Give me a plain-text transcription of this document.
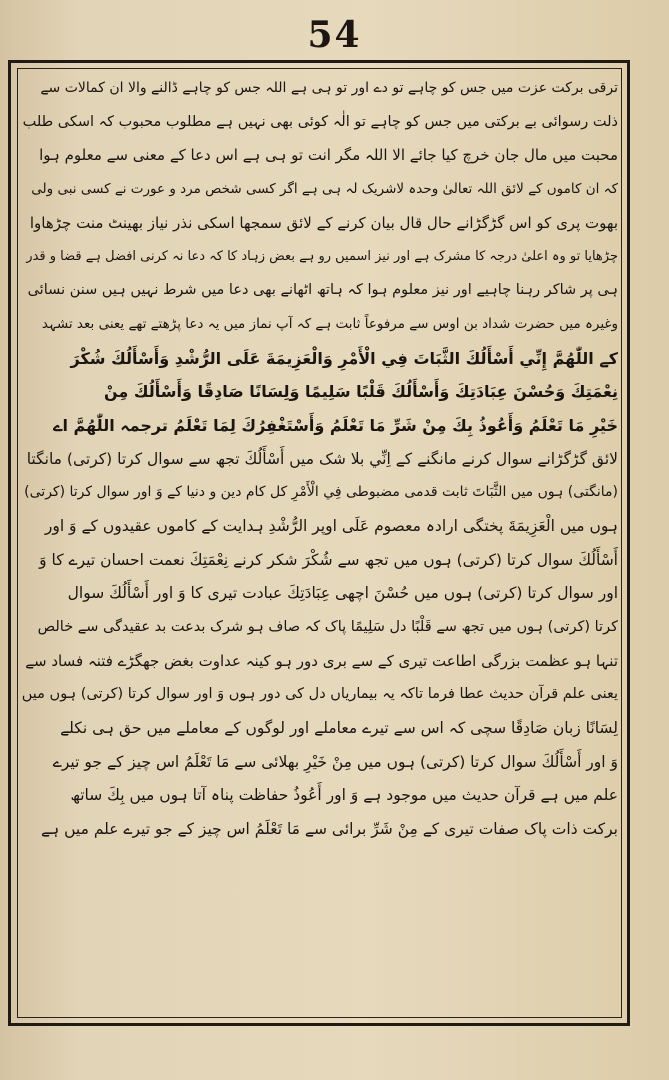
54
ترقی برکت عزت میں جس کو چاہے تو دے اور تو ہی ہے اللہ جس کو چاہے ڈالنے والا ان کمالات سے
ذلت رسوائی بے برکتی میں جس کو چاہے تو الٰہ کوئی بھی نہیں ہے مطلوب محبوب کہ اسکی طلب
محبت میں مال جان خرچ کیا جائے الا اللہ مگر انت تو ہی ہے اس دعا کے معنی سے معلوم ہوا
کہ ان کاموں کے لائق اللہ تعالیٰ وحدہ لاشریک لہ ہی ہے اگر کسی شخص مرد و عورت نے کسی نبی ولی
بھوت پری کو اس گڑگڑانے حال قال بیان کرنے کے لائق سمجھا اسکی نذر نیاز بھینٹ منت چڑھاوا
چڑھایا تو وہ اعلیٰ درجہ کا مشرک ہے اور نیز اسمیں رو ہے بعض زہاد کا کہ دعا نہ کرنی افضل ہے قضا و قدر
ہی پر شاکر رہنا چاہیے اور نیز معلوم ہوا کہ ہاتھ اٹھانے بھی دعا میں شرط نہیں ہیں سنن نسائی
وغیرہ میں حضرت شداد بن اوس سے مرفوعاً ثابت ہے کہ آپ نماز میں یہ دعا پڑھتے تھے یعنی بعد تشہد
کے اللّٰهُمَّ إِنِّي أَسْأَلُكَ الثَّبَاتَ فِي الْأَمْرِ وَالْعَزِيمَةَ عَلَى الرُّشْدِ وَأَسْأَلُكَ شُكْرَ
نِعْمَتِكَ وَحُسْنَ عِبَادَتِكَ وَأَسْأَلُكَ قَلْبًا سَلِيمًا وَلِسَانًا صَادِقًا وَأَسْأَلُكَ مِنْ
خَيْرِ مَا تَعْلَمُ وَأَعُوذُ بِكَ مِنْ شَرِّ مَا تَعْلَمُ وَأَسْتَغْفِرُكَ لِمَا تَعْلَمُ ترجمہ اللّٰهُمَّ اے
لائق گڑگڑانے سوال کرنے مانگنے کے اِنِّي بلا شک میں أَسْأَلُكَ تجھ سے سوال کرتا (کرتی) مانگتا
(مانگتی) ہوں میں الثَّبَاتَ ثابت قدمی مضبوطی فِي الْأَمْرِ کل کام دین و دنیا کے وَ اور سوال کرتا (کرتی)
ہوں میں الْعَزِيمَةَ پختگی ارادہ معصوم عَلَى اوپر الرُّشْدِ ہدایت کے کاموں عقیدوں کے وَ اور
أَسْأَلُكَ سوال کرتا (کرتی) ہوں میں تجھ سے شُكْرَ شکر کرنے نِعْمَتِكَ نعمت احسان تیرے کا وَ
اور سوال کرتا (کرتی) ہوں میں حُسْنَ اچھی عِبَادَتِكَ عبادت تیری کا وَ اور أَسْأَلُكَ سوال
کرتا (کرتی) ہوں میں تجھ سے قَلْبًا دل سَلِيمًا پاک کہ صاف ہو شرک بدعت بد عقیدگی سے خالص
تنہا ہو عظمت بزرگی اطاعت تیری کے سے بری دور ہو کینہ عداوت بغض جھگڑے فتنہ فساد سے
یعنی علم قرآن حدیث عطا فرما تاکہ یہ بیماریاں دل کی دور ہوں وَ اور سوال کرتا (کرتی) ہوں میں
لِسَانًا زبان صَادِقًا سچی کہ اس سے تیرے معاملے اور لوگوں کے معاملے میں حق ہی نکلے
وَ اور أَسْأَلُكَ سوال کرتا (کرتی) ہوں میں مِنْ خَيْرِ بھلائی سے مَا تَعْلَمُ اس چیز کے جو تیرے
علم میں ہے قرآن حدیث میں موجود ہے وَ اور أَعُوذُ حفاظت پناہ آتا ہوں میں بِكَ ساتھ
برکت ذات پاک صفات تیری کے مِنْ شَرِّ برائی سے مَا تَعْلَمُ اس چیز کے جو تیرے علم میں ہے
